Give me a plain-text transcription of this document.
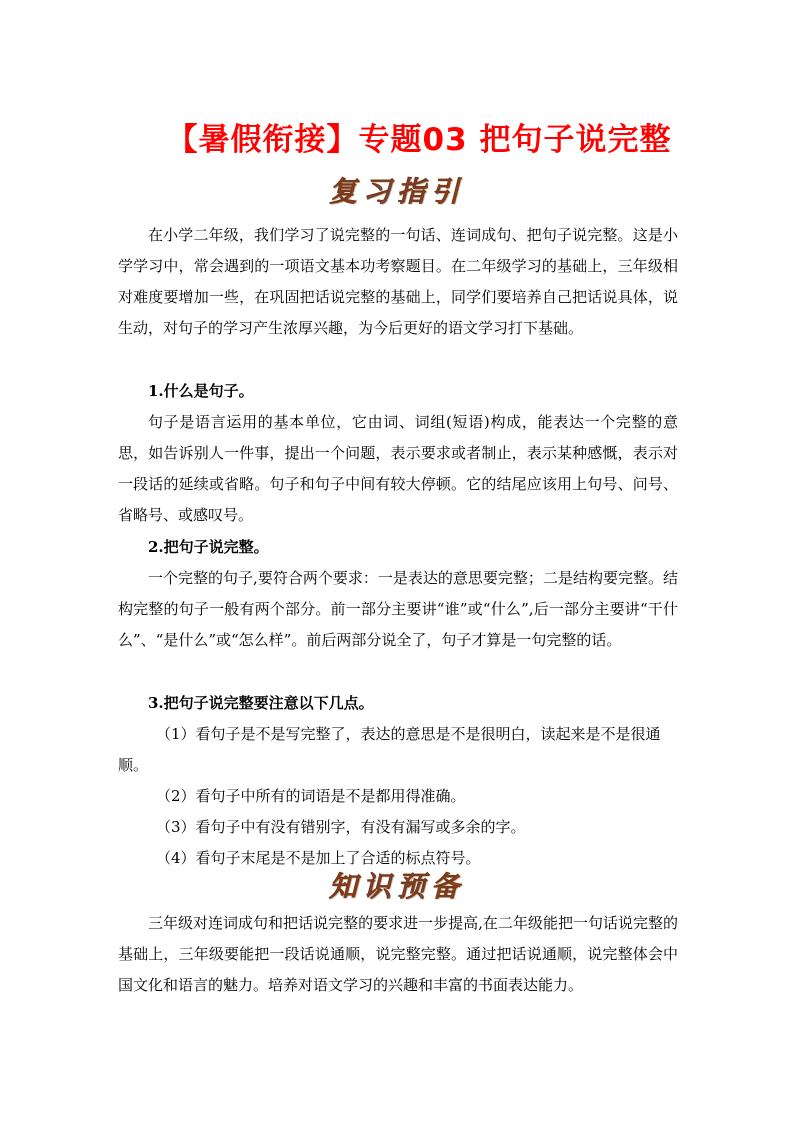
【暑假衔接】专题03 把句子说完整
复习指引

在小学二年级，我们学习了说完整的一句话、连词成句、把句子说完整。这是小学学习中，常会遇到的一项语文基本功考察题目。在二年级学习的基础上，三年级相对难度要增加一些，在巩固把话说完整的基础上，同学们要培养自己把话说具体，说生动，对句子的学习产生浓厚兴趣，为今后更好的语文学习打下基础。

1.什么是句子。

句子是语言运用的基本单位，它由词、词组(短语)构成，能表达一个完整的意思，如告诉别人一件事，提出一个问题，表示要求或者制止，表示某种感慨，表示对一段话的延续或省略。句子和句子中间有较大停顿。它的结尾应该用上句号、问号、省略号、或感叹号。

2.把句子说完整。

一个完整的句子,要符合两个要求：一是表达的意思要完整；二是结构要完整。结构完整的句子一般有两个部分。前一部分主要讲“谁”或“什么”,后一部分主要讲“干什么”、“是什么”或“怎么样”。前后两部分说全了，句子才算是一句完整的话。

3.把句子说完整要注意以下几点。

（1）看句子是不是写完整了，表达的意思是不是很明白，读起来是不是很通顺。

（2）看句子中所有的词语是不是都用得准确。

（3）看句子中有没有错别字，有没有漏写或多余的字。

（4）看句子末尾是不是加上了合适的标点符号。

知识预备

三年级对连词成句和把话说完整的要求进一步提高,在二年级能把一句话说完整的基础上，三年级要能把一段话说通顺，说完整完整。通过把话说通顺，说完整体会中国文化和语言的魅力。培养对语文学习的兴趣和丰富的书面表达能力。
